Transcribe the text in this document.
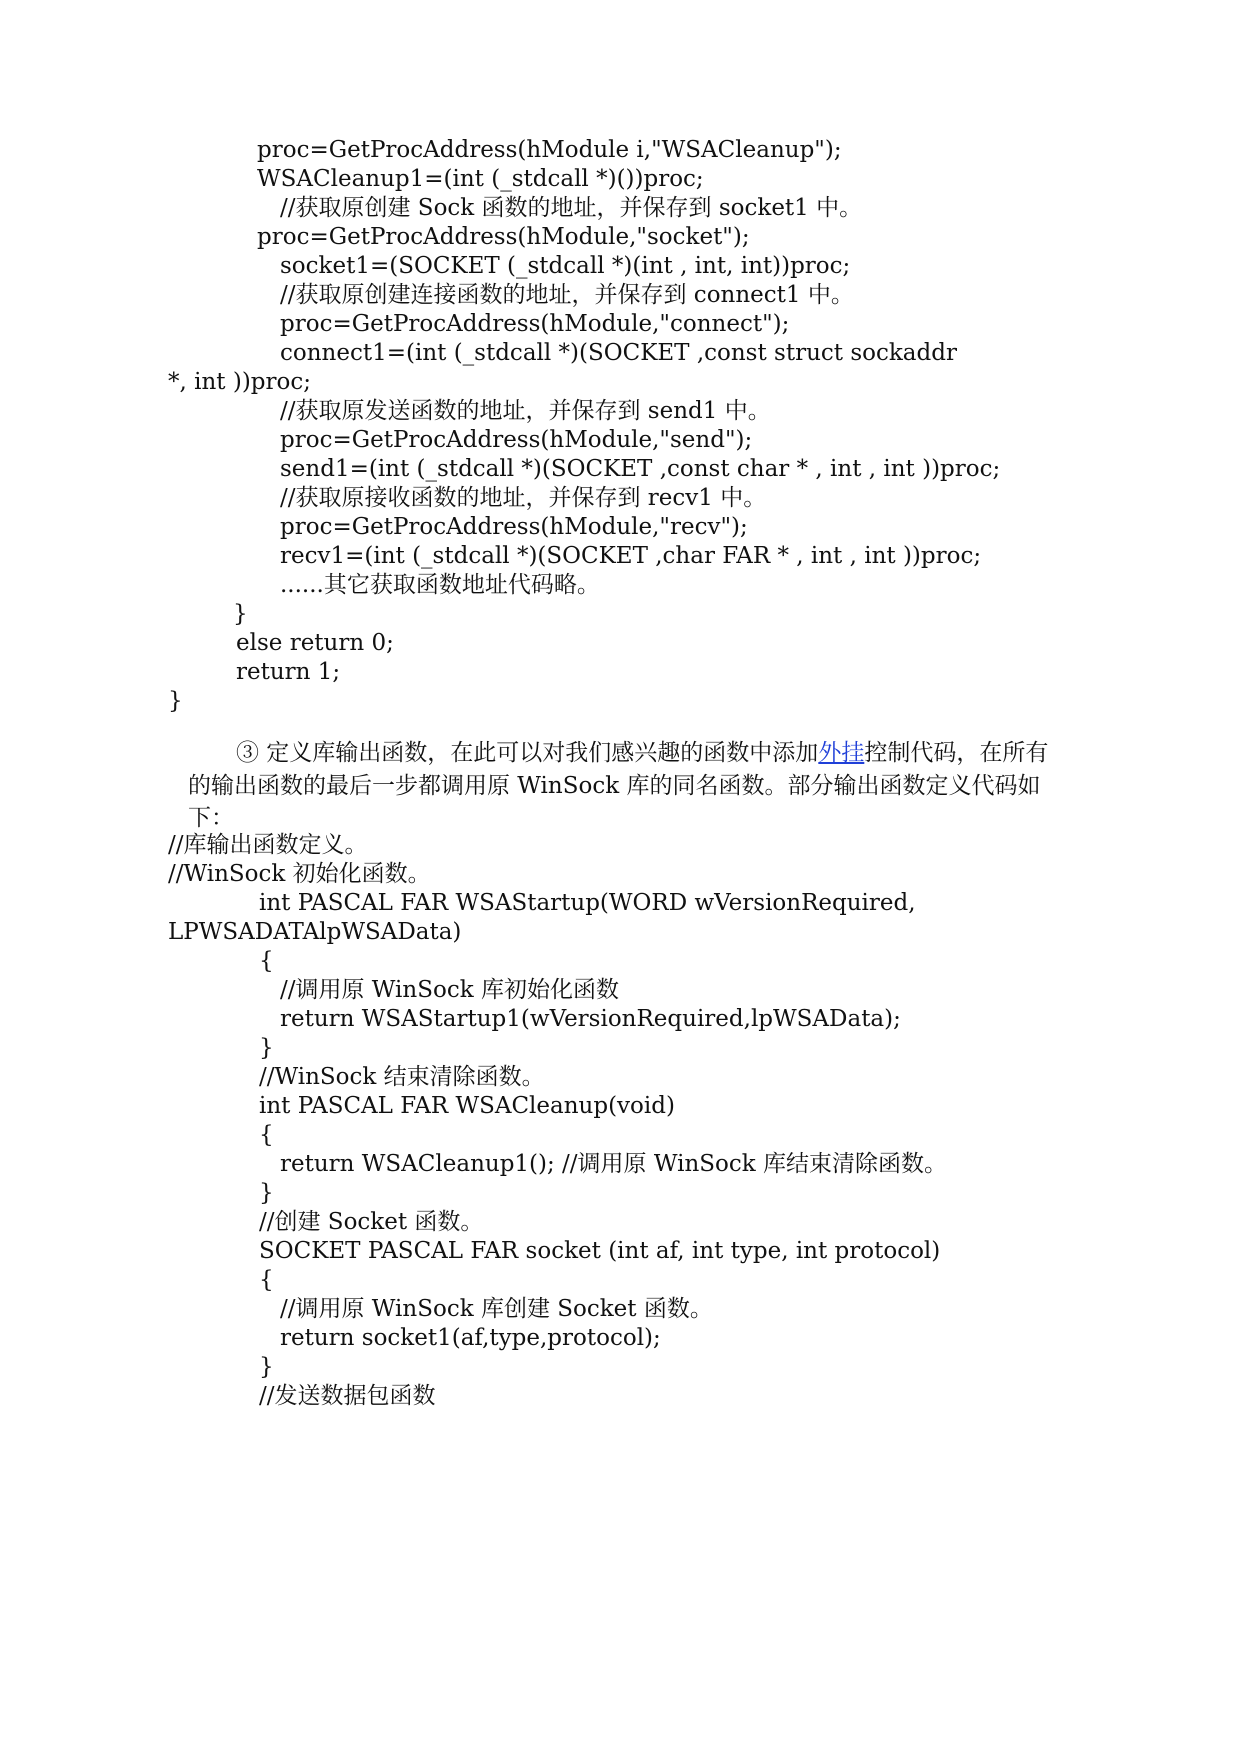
proc=GetProcAddress(hModule i,"WSACleanup");
WSACleanup1=(int (_stdcall *)())proc;
//获取原创建 Sock 函数的地址，并保存到 socket1 中。
proc=GetProcAddress(hModule,"socket");
socket1=(SOCKET (_stdcall *)(int , int, int))proc;
//获取原创建连接函数的地址，并保存到 connect1 中。
proc=GetProcAddress(hModule,"connect");
connect1=(int (_stdcall *)(SOCKET ,const struct sockaddr
*, int ))proc;
//获取原发送函数的地址，并保存到 send1 中。
proc=GetProcAddress(hModule,"send");
send1=(int (_stdcall *)(SOCKET ,const char * , int , int ))proc;
//获取原接收函数的地址，并保存到 recv1 中。
proc=GetProcAddress(hModule,"recv");
recv1=(int (_stdcall *)(SOCKET ,char FAR * , int , int ))proc;
......其它获取函数地址代码略。
}
else return 0;
return 1;
}
③ 定义库输出函数，在此可以对我们感兴趣的函数中添加外挂控制代码，在所有的输出函数的最后一步都调用原 WinSock 库的同名函数。部分输出函数定义代码如下：
//库输出函数定义。
//WinSock 初始化函数。
int PASCAL FAR WSAStartup(WORD wVersionRequired,
LPWSADATAlpWSAData)
{
//调用原 WinSock 库初始化函数
return WSAStartup1(wVersionRequired,lpWSAData);
}
//WinSock 结束清除函数。
int PASCAL FAR WSACleanup(void)
{
return WSACleanup1(); //调用原 WinSock 库结束清除函数。
}
//创建 Socket 函数。
SOCKET PASCAL FAR socket (int af, int type, int protocol)
{
//调用原 WinSock 库创建 Socket 函数。
return socket1(af,type,protocol);
}
//发送数据包函数
